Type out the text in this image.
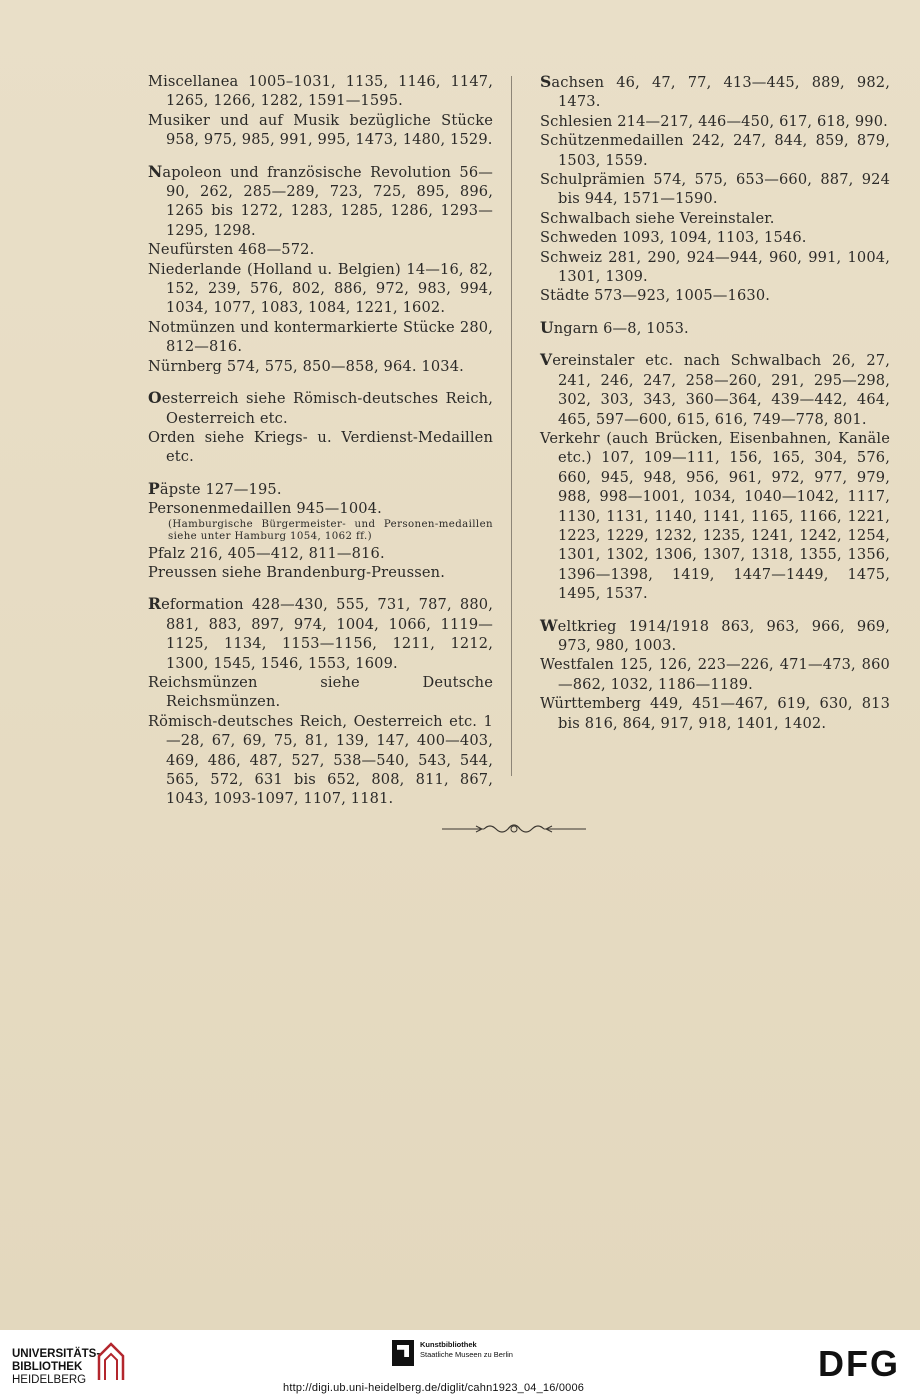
Miscellanea 1005–1031, 1135, 1146, 1147, 1265, 1266, 1282, 1591—1595.
Musiker und auf Musik bezügliche Stücke 958, 975, 985, 991, 995, 1473, 1480, 1529.
Napoleon und französische Revolution 56—90, 262, 285—289, 723, 725, 895, 896, 1265 bis 1272, 1283, 1285, 1286, 1293—1295, 1298.
Neufürsten 468—572.
Niederlande (Holland u. Belgien) 14—16, 82, 152, 239, 576, 802, 886, 972, 983, 994, 1034, 1077, 1083, 1084, 1221, 1602.
Notmünzen und kontermarkierte Stücke 280, 812—816.
Nürnberg 574, 575, 850—858, 964. 1034.
Oesterreich siehe Römisch-deutsches Reich, Oesterreich etc.
Orden siehe Kriegs- u. Verdienst-Medaillen etc.
Päpste 127—195.
Personenmedaillen 945—1004.
(Hamburgische Bürgermeister- und Personen-medaillen siehe unter Hamburg 1054, 1062 ff.)
Pfalz 216, 405—412, 811—816.
Preussen siehe Brandenburg-Preussen.
Reformation 428—430, 555, 731, 787, 880, 881, 883, 897, 974, 1004, 1066, 1119—1125, 1134, 1153—1156, 1211, 1212, 1300, 1545, 1546, 1553, 1609.
Reichsmünzen siehe Deutsche Reichsmünzen.
Römisch-deutsches Reich, Oesterreich etc. 1—28, 67, 69, 75, 81, 139, 147, 400—403, 469, 486, 487, 527, 538—540, 543, 544, 565, 572, 631 bis 652, 808, 811, 867, 1043, 1093-1097, 1107, 1181.
Sachsen 46, 47, 77, 413—445, 889, 982, 1473.
Schlesien 214—217, 446—450, 617, 618, 990.
Schützenmedaillen 242, 247, 844, 859, 879, 1503, 1559.
Schulprämien 574, 575, 653—660, 887, 924 bis 944, 1571—1590.
Schwalbach siehe Vereinstaler.
Schweden 1093, 1094, 1103, 1546.
Schweiz 281, 290, 924—944, 960, 991, 1004, 1301, 1309.
Städte 573—923, 1005—1630.
Ungarn 6—8, 1053.
Vereinstaler etc. nach Schwalbach 26, 27, 241, 246, 247, 258—260, 291, 295—298, 302, 303, 343, 360—364, 439—442, 464, 465, 597—600, 615, 616, 749—778, 801.
Verkehr (auch Brücken, Eisenbahnen, Kanäle etc.) 107, 109—111, 156, 165, 304, 576, 660, 945, 948, 956, 961, 972, 977, 979, 988, 998—1001, 1034, 1040—1042, 1117, 1130, 1131, 1140, 1141, 1165, 1166, 1221, 1223, 1229, 1232, 1235, 1241, 1242, 1254, 1301, 1302, 1306, 1307, 1318, 1355, 1356, 1396—1398, 1419, 1447—1449, 1475, 1495, 1537.
Weltkrieg 1914/1918 863, 963, 966, 969, 973, 980, 1003.
Westfalen 125, 126, 223—226, 471—473, 860—862, 1032, 1186—1189.
Württemberg 449, 451—467, 619, 630, 813 bis 816, 864, 917, 918, 1401, 1402.
UNIVERSITÄTS-
BIBLIOTHEK
HEIDELBERG
Kunstbibliothek
Staatliche Museen zu Berlin	DFG
http://digi.ub.uni-heidelberg.de/diglit/cahn1923_04_16/0006
